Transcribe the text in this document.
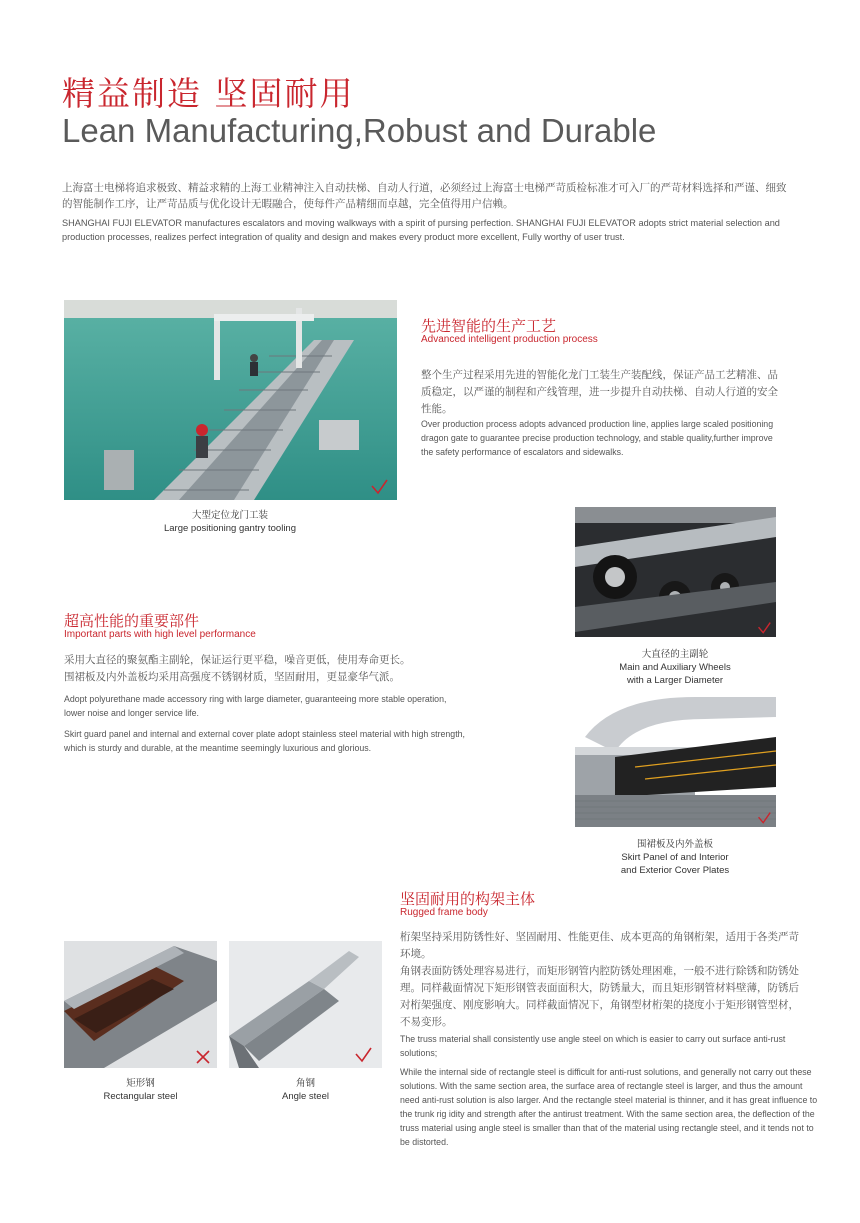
精益制造 坚固耐用
Lean Manufacturing,Robust and Durable

上海富士电梯将追求极致、精益求精的上海工业精神注入自动扶梯、自动人行道，必须经过上海富士电梯严苛质检标准才可入厂的严苛材料选择和严谨、细致的智能制作工序，让严苛品质与优化设计无暇融合，使每件产品精细而卓越，完全值得用户信赖。

SHANGHAI FUJI ELEVATOR manufactures escalators and moving walkways with a spirit of pursing perfection. SHANGHAI FUJI ELEVATOR adopts strict material selection and production processes, realizes perfect integration of quality and design and makes every product more excellent, Fully worthy of user trust.

大型定位龙门工装
Large positioning gantry tooling
先进智能的生产工艺
Advanced intelligent production process

整个生产过程采用先进的智能化龙门工装生产装配线，保证产品工艺精准、品质稳定，以严谨的制程和产线管理，进一步提升自动扶梯、自动人行道的安全性能。

Over production process adopts advanced production line, applies large scaled positioning dragon gate to guarantee precise production technology, and stable quality,further improve the safety performance of escalators and sidewalks.

超高性能的重要部件
Important parts with high level performance

采用大直径的聚氨酯主副轮，保证运行更平稳，噪音更低，使用寿命更长。

围裙板及内外盖板均采用高强度不锈钢材质，坚固耐用，更显豪华气派。

Adopt polyurethane made accessory ring with large diameter, guaranteeing more stable operation, lower noise and longer service life.

Skirt guard panel and internal and external cover plate adopt stainless steel material with high strength, which is sturdy and durable, at the meantime seemingly luxurious and glorious.

大直径的主副轮
Main and Auxiliary Wheels
with a Larger Diameter
围裙板及内外盖板
Skirt Panel of and Interior
and Exterior Cover Plates
坚固耐用的构架主体
Rugged frame body

桁架坚持采用防锈性好、坚固耐用、性能更佳、成本更高的角钢桁架，适用于各类严苛环境。

角钢表面防锈处理容易进行，而矩形钢管内腔防锈处理困难，一般不进行除锈和防锈处理。同样截面情况下矩形钢管表面面积大，防锈量大，而且矩形钢管材料壁薄，防锈后对桁架强度、刚度影响大。同样截面情况下，角钢型材桁架的挠度小于矩形钢管型材，不易变形。

The truss material shall consistently use angle steel on which is easier to carry out surface anti-rust solutions;

While the internal side of rectangle steel is difficult for anti-rust solutions, and generally not carry out these solutions. With the same section area, the surface area of rectangle steel is larger, and thus the amount need anti-rust solution is also larger. And the rectangle steel material is thinner, and it has great influence to the trunk rig idity and strength after the antirust treatment. With the same section area, the deflection of the truss material using angle steel is smaller than that of the material using rectangle steel, and it tends not to be distorted.

矩形钢
Rectangular steel
角钢
Angle steel
